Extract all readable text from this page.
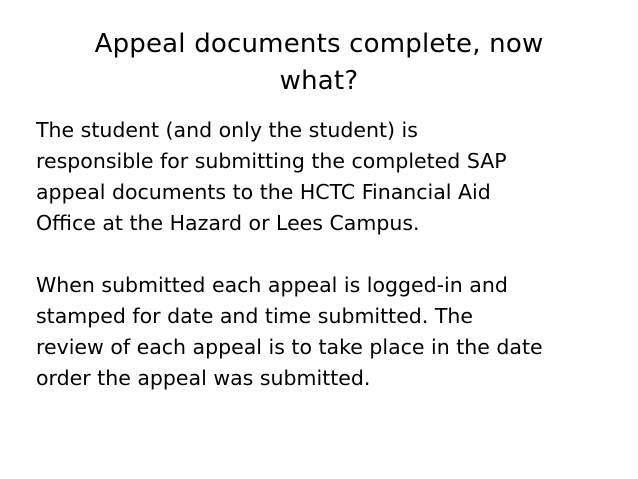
Appeal documents complete, now
what?

The student (and only the student) is
responsible for submitting the completed SAP
appeal documents to the HCTC Financial Aid
Office at the Hazard or Lees Campus.

When submitted each appeal is logged-in and
stamped for date and time submitted. The
review of each appeal is to take place in the date
order the appeal was submitted.
